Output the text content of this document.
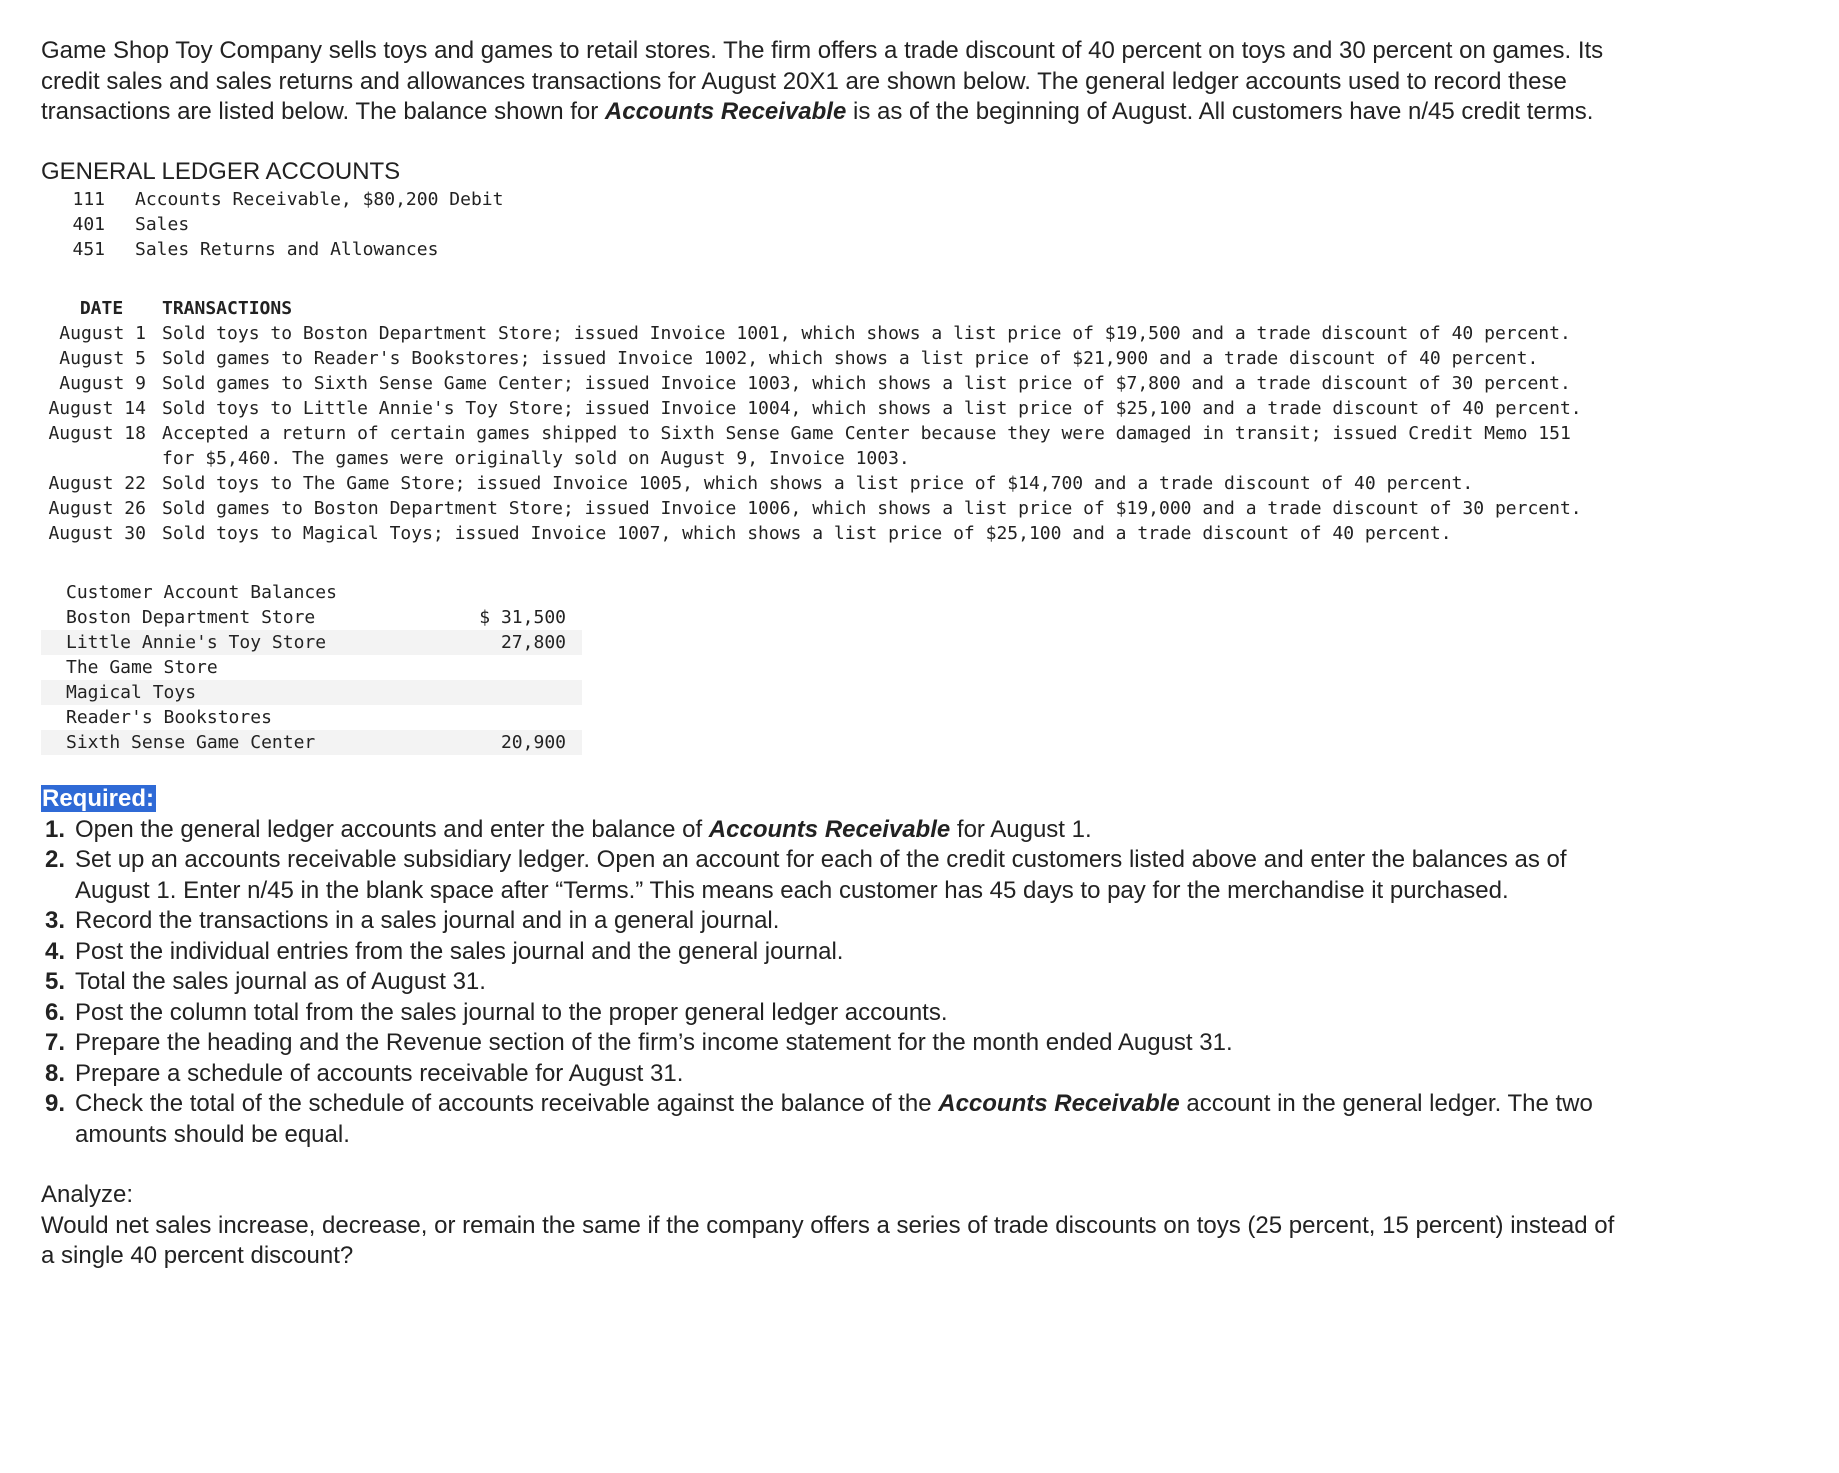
Game Shop Toy Company sells toys and games to retail stores. The firm offers a trade discount of 40 percent on toys and 30 percent on games. Its credit sales and sales returns and allowances transactions for August 20X1 are shown below. The general ledger accounts used to record these transactions are listed below. The balance shown for Accounts Receivable is as of the beginning of August. All customers have n/45 credit terms.

GENERAL LEDGER ACCOUNTS
111	Accounts Receivable, $80,200 Debit
401	Sales
451	Sales Returns and Allowances
DATE	TRANSACTIONS
August 1	Sold toys to Boston Department Store; issued Invoice 1001, which shows a list price of $19,500 and a trade discount of 40 percent.
August 5	Sold games to Reader's Bookstores; issued Invoice 1002, which shows a list price of $21,900 and a trade discount of 40 percent.
August 9	Sold games to Sixth Sense Game Center; issued Invoice 1003, which shows a list price of $7,800 and a trade discount of 30 percent.
August 14	Sold toys to Little Annie's Toy Store; issued Invoice 1004, which shows a list price of $25,100 and a trade discount of 40 percent.
August 18	Accepted a return of certain games shipped to Sixth Sense Game Center because they were damaged in transit; issued Credit Memo 151 for $5,460. The games were originally sold on August 9, Invoice 1003.
August 22	Sold toys to The Game Store; issued Invoice 1005, which shows a list price of $14,700 and a trade discount of 40 percent.
August 26	Sold games to Boston Department Store; issued Invoice 1006, which shows a list price of $19,000 and a trade discount of 30 percent.
August 30	Sold toys to Magical Toys; issued Invoice 1007, which shows a list price of $25,100 and a trade discount of 40 percent.
Customer Account Balances	
Boston Department Store	$ 31,500
Little Annie's Toy Store	27,800
The Game Store	
Magical Toys	
Reader's Bookstores	
Sixth Sense Game Center	20,900
Required:
1. Open the general ledger accounts and enter the balance of Accounts Receivable for August 1.
2. Set up an accounts receivable subsidiary ledger. Open an account for each of the credit customers listed above and enter the balances as of August 1. Enter n/45 in the blank space after “Terms.” This means each customer has 45 days to pay for the merchandise it purchased.
3. Record the transactions in a sales journal and in a general journal.
4. Post the individual entries from the sales journal and the general journal.
5. Total the sales journal as of August 31.
6. Post the column total from the sales journal to the proper general ledger accounts.
7. Prepare the heading and the Revenue section of the firm’s income statement for the month ended August 31.
8. Prepare a schedule of accounts receivable for August 31.
9. Check the total of the schedule of accounts receivable against the balance of the Accounts Receivable account in the general ledger. The two amounts should be equal.
Analyze:
Would net sales increase, decrease, or remain the same if the company offers a series of trade discounts on toys (25 percent, 15 percent) instead of a single 40 percent discount?
